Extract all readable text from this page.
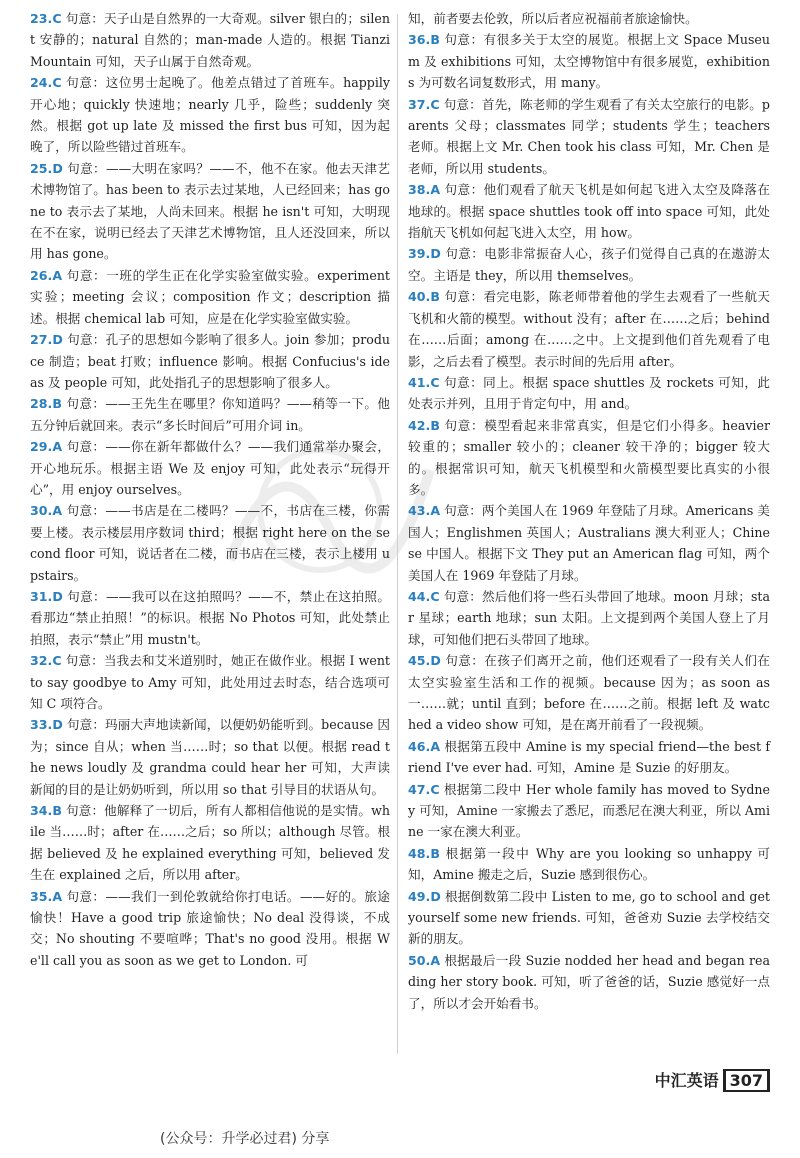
23.C 句意：天子山是自然界的一大奇观。silver 银白的；silent 安静的；natural 自然的；man-made 人造的。根据 Tianzi Mountain 可知，天子山属于自然奇观。

24.C 句意：这位男士起晚了。他差点错过了首班车。happily 开心地；quickly 快速地；nearly 几乎，险些；suddenly 突然。根据 got up late 及 missed the first bus 可知，因为起晚了，所以险些错过首班车。

25.D 句意：——大明在家吗？——不，他不在家。他去天津艺术博物馆了。has been to 表示去过某地，人已经回来；has gone to 表示去了某地，人尚未回来。根据 he isn't 可知，大明现在不在家，说明已经去了天津艺术博物馆，且人还没回来，所以用 has gone。

26.A 句意：一班的学生正在化学实验室做实验。experiment 实验；meeting 会议；composition 作文；description 描述。根据 chemical lab 可知，应是在化学实验室做实验。

27.D 句意：孔子的思想如今影响了很多人。join 参加；produce 制造；beat 打败；influence 影响。根据 Confucius's ideas 及 people 可知，此处指孔子的思想影响了很多人。

28.B 句意：——王先生在哪里？你知道吗？——稍等一下。他五分钟后就回来。表示“多长时间后”可用介词 in。

29.A 句意：——你在新年都做什么？——我们通常举办聚会，开心地玩乐。根据主语 We 及 enjoy 可知，此处表示“玩得开心”，用 enjoy ourselves。

30.A 句意：——书店是在二楼吗？——不，书店在三楼，你需要上楼。表示楼层用序数词 third；根据 right here on the second floor 可知，说话者在二楼，而书店在三楼，表示上楼用 upstairs。

31.D 句意：——我可以在这拍照吗？——不，禁止在这拍照。看那边“禁止拍照！”的标识。根据 No Photos 可知，此处禁止拍照，表示“禁止”用 mustn't。

32.C 句意：当我去和艾米道别时，她正在做作业。根据 I went to say goodbye to Amy 可知，此处用过去时态，结合选项可知 C 项符合。

33.D 句意：玛丽大声地读新闻，以便奶奶能听到。because 因为；since 自从；when 当……时；so that 以便。根据 read the news loudly 及 grandma could hear her 可知，大声读新闻的目的是让奶奶听到，所以用 so that 引导目的状语从句。

34.B 句意：他解释了一切后，所有人都相信他说的是实情。while 当……时；after 在……之后；so 所以；although 尽管。根据 believed 及 he explained everything 可知，believed 发生在 explained 之后，所以用 after。

35.A 句意：——我们一到伦敦就给你打电话。——好的。旅途愉快！Have a good trip 旅途愉快；No deal 没得谈，不成交；No shouting 不要喧哗；That's no good 没用。根据 We'll call you as soon as we get to London. 可

知，前者要去伦敦，所以后者应祝福前者旅途愉快。

36.B 句意：有很多关于太空的展览。根据上文 Space Museum 及 exhibitions 可知，太空博物馆中有很多展览，exhibitions 为可数名词复数形式，用 many。

37.C 句意：首先，陈老师的学生观看了有关太空旅行的电影。parents 父母；classmates 同学；students 学生；teachers 老师。根据上文 Mr. Chen took his class 可知，Mr. Chen 是老师，所以用 students。

38.A 句意：他们观看了航天飞机是如何起飞进入太空及降落在地球的。根据 space shuttles took off into space 可知，此处指航天飞机如何起飞进入太空，用 how。

39.D 句意：电影非常振奋人心，孩子们觉得自己真的在遨游太空。主语是 they，所以用 themselves。

40.B 句意：看完电影，陈老师带着他的学生去观看了一些航天飞机和火箭的模型。without 没有；after 在……之后；behind 在……后面；among 在……之中。上文提到他们首先观看了电影，之后去看了模型。表示时间的先后用 after。

41.C 句意：同上。根据 space shuttles 及 rockets 可知，此处表示并列，且用于肯定句中，用 and。

42.B 句意：模型看起来非常真实，但是它们小得多。heavier 较重的；smaller 较小的；cleaner 较干净的；bigger 较大的。根据常识可知，航天飞机模型和火箭模型要比真实的小很多。

43.A 句意：两个美国人在 1969 年登陆了月球。Americans 美国人；Englishmen 英国人；Australians 澳大利亚人；Chinese 中国人。根据下文 They put an American flag 可知，两个美国人在 1969 年登陆了月球。

44.C 句意：然后他们将一些石头带回了地球。moon 月球；star 星球；earth 地球；sun 太阳。上文提到两个美国人登上了月球，可知他们把石头带回了地球。

45.D 句意：在孩子们离开之前，他们还观看了一段有关人们在太空实验室生活和工作的视频。because 因为；as soon as 一……就；until 直到；before 在……之前。根据 left 及 watched a video show 可知，是在离开前看了一段视频。

46.A 根据第五段中 Amine is my special friend—the best friend I've ever had. 可知，Amine 是 Suzie 的好朋友。

47.C 根据第二段中 Her whole family has moved to Sydney 可知，Amine 一家搬去了悉尼，而悉尼在澳大利亚，所以 Amine 一家在澳大利亚。

48.B 根据第一段中 Why are you looking so unhappy 可知，Amine 搬走之后，Suzie 感到很伤心。

49.D 根据倒数第二段中 Listen to me, go to school and get yourself some new friends. 可知，爸爸劝 Suzie 去学校结交新的朋友。

50.A 根据最后一段 Suzie nodded her head and began reading her story book. 可知，听了爸爸的话，Suzie 感觉好一点了，所以才会开始看书。

中汇英语 307
(公众号：升学必过君) 分享
